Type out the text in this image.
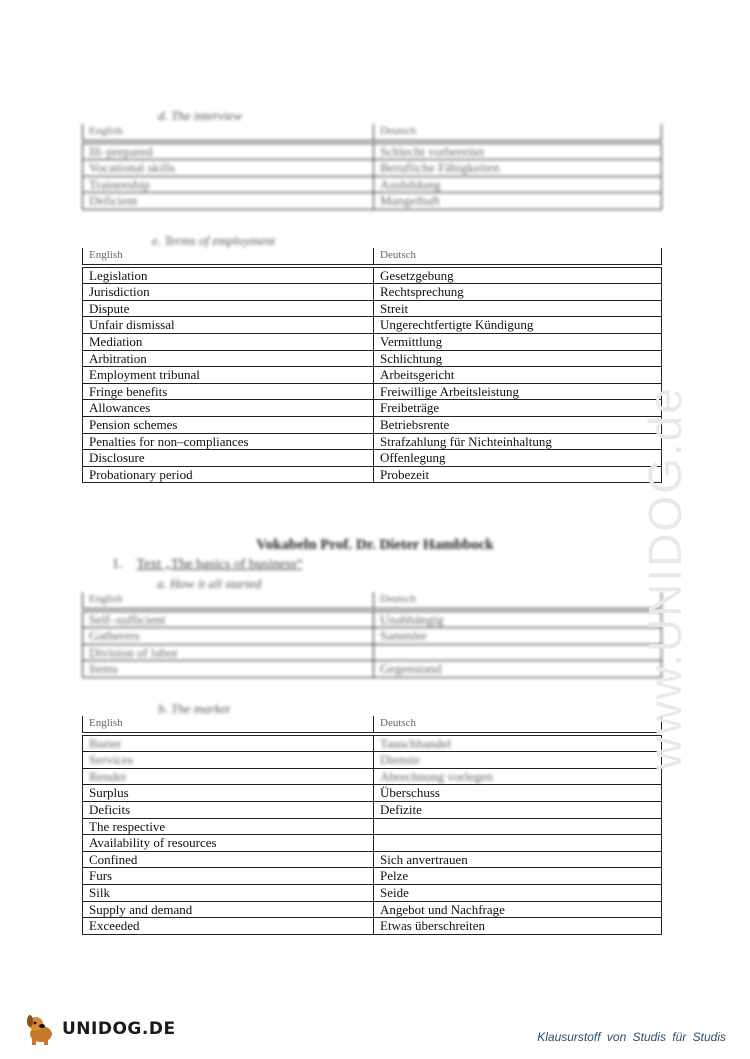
d. The interview
English	Deutsch
Ill–prepared	Schlecht vorbereitet
Vocational skills	Berufliche Fähigkeiten
Traineeship	Ausbildung
Deficient	Mangelhaft
e. Terms of employment
English	Deutsch
Legislation	Gesetzgebung
Jurisdiction	Rechtsprechung
Dispute	Streit
Unfair dismissal	Ungerechtfertigte Kündigung
Mediation	Vermittlung
Arbitration	Schlichtung
Employment tribunal	Arbeitsgericht
Fringe benefits	Freiwillige Arbeitsleistung
Allowances	Freibeträge
Pension schemes	Betriebsrente
Penalties for non–compliances	Strafzahlung für Nichteinhaltung
Disclosure	Offenlegung
Probationary period	Probezeit
Vokabeln Prof. Dr. Dieter Hambbock
1. Text „The basics of business“
a. How it all started
English	Deutsch
Self–sufficient	Unabhängig
Gatherers	Sammler
Division of labor	
Items	Gegenstand
b. The market
English	Deutsch
Barter	Tauschhandel
Services	Dienste
Render	Abrechnung vorlegen
Surplus	Überschuss
Deficits	Defizite
The respective	
Availability of resources	
Confined	Sich anvertrauen
Furs	Pelze
Silk	Seide
Supply and demand	Angebot und Nachfrage
Exceeded	Etwas überschreiten
www.UNIDOG.de
UNIDOG.DE	Klausurstoff von Studis für Studis
